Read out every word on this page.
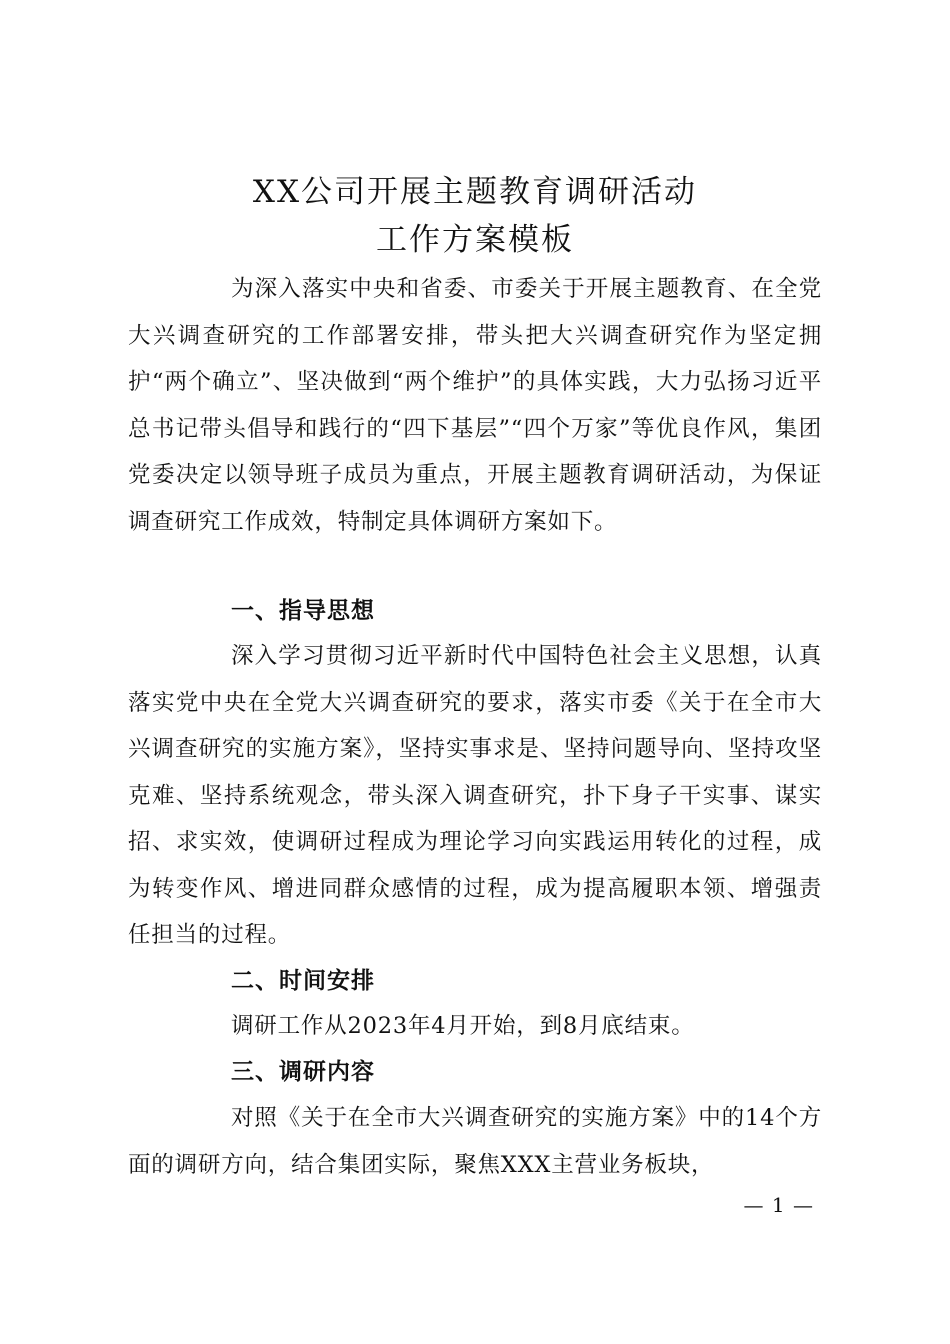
XX公司开展主题教育调研活动
工作方案模板

为深入落实中央和省委、市委关于开展主题教育、在全党大兴调查研究的工作部署安排，带头把大兴调查研究作为坚定拥护“两个确立”、坚决做到“两个维护”的具体实践，大力弘扬习近平总书记带头倡导和践行的“四下基层”“四个万家”等优良作风，集团党委决定以领导班子成员为重点，开展主题教育调研活动，为保证调查研究工作成效，特制定具体调研方案如下。

一、指导思想

深入学习贯彻习近平新时代中国特色社会主义思想，认真落实党中央在全党大兴调查研究的要求，落实市委《关于在全市大兴调查研究的实施方案》，坚持实事求是、坚持问题导向、坚持攻坚克难、坚持系统观念，带头深入调查研究，扑下身子干实事、谋实招、求实效，使调研过程成为理论学习向实践运用转化的过程，成为转变作风、增进同群众感情的过程，成为提高履职本领、增强责任担当的过程。

二、时间安排

调研工作从2023年4月开始，到8月底结束。

三、调研内容

对照《关于在全市大兴调查研究的实施方案》中的14个方面的调研方向，结合集团实际，聚焦XXX主营业务板块，

— 1 —
